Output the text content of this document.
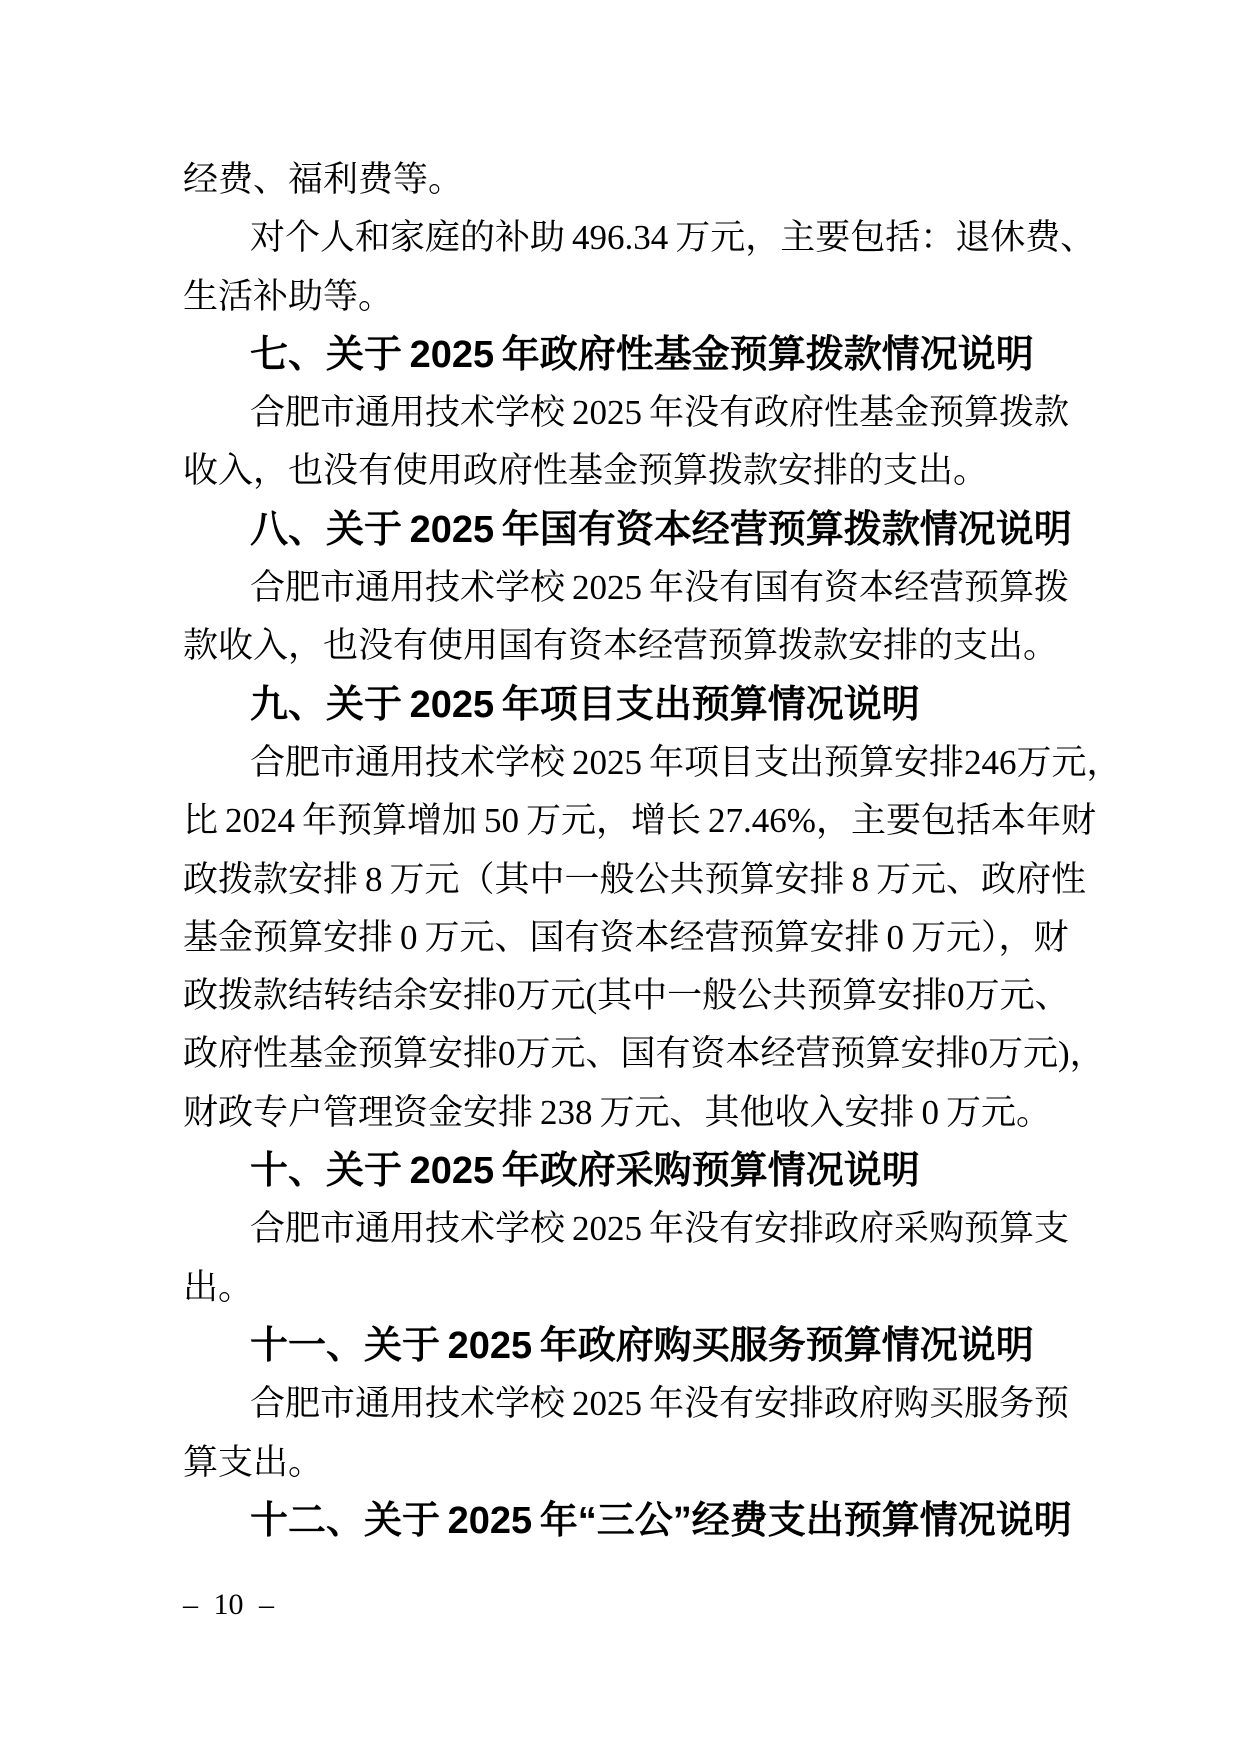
经费、福利费等。
对个人和家庭的补助 496.34 万元，主要包括：退休费、
生活补助等。
七、关于 2025 年政府性基金预算拨款情况说明
合肥市通用技术学校 2025 年没有政府性基金预算拨款
收入，也没有使用政府性基金预算拨款安排的支出。
八、关于 2025 年国有资本经营预算拨款情况说明
合肥市通用技术学校 2025 年没有国有资本经营预算拨
款收入，也没有使用国有资本经营预算拨款安排的支出。
九、关于 2025 年项目支出预算情况说明
合肥市通用技术学校 2025 年项目支出预算安排246万元，
比 2024 年预算增加 50 万元，增长 27.46%，主要包括本年财
政拨款安排 8 万元（其中一般公共预算安排 8 万元、政府性
基金预算安排 0 万元、国有资本经营预算安排 0 万元），财
政拨款结转结余安排0万元(其中一般公共预算安排0万元、
政府性基金预算安排0万元、国有资本经营预算安排0万元)，
财政专户管理资金安排 238 万元、其他收入安排 0 万元。
十、关于 2025 年政府采购预算情况说明
合肥市通用技术学校 2025 年没有安排政府采购预算支
出。
十一、关于 2025 年政府购买服务预算情况说明
合肥市通用技术学校 2025 年没有安排政府购买服务预
算支出。
十二、关于 2025 年“三公”经费支出预算情况说明
– 10 –
